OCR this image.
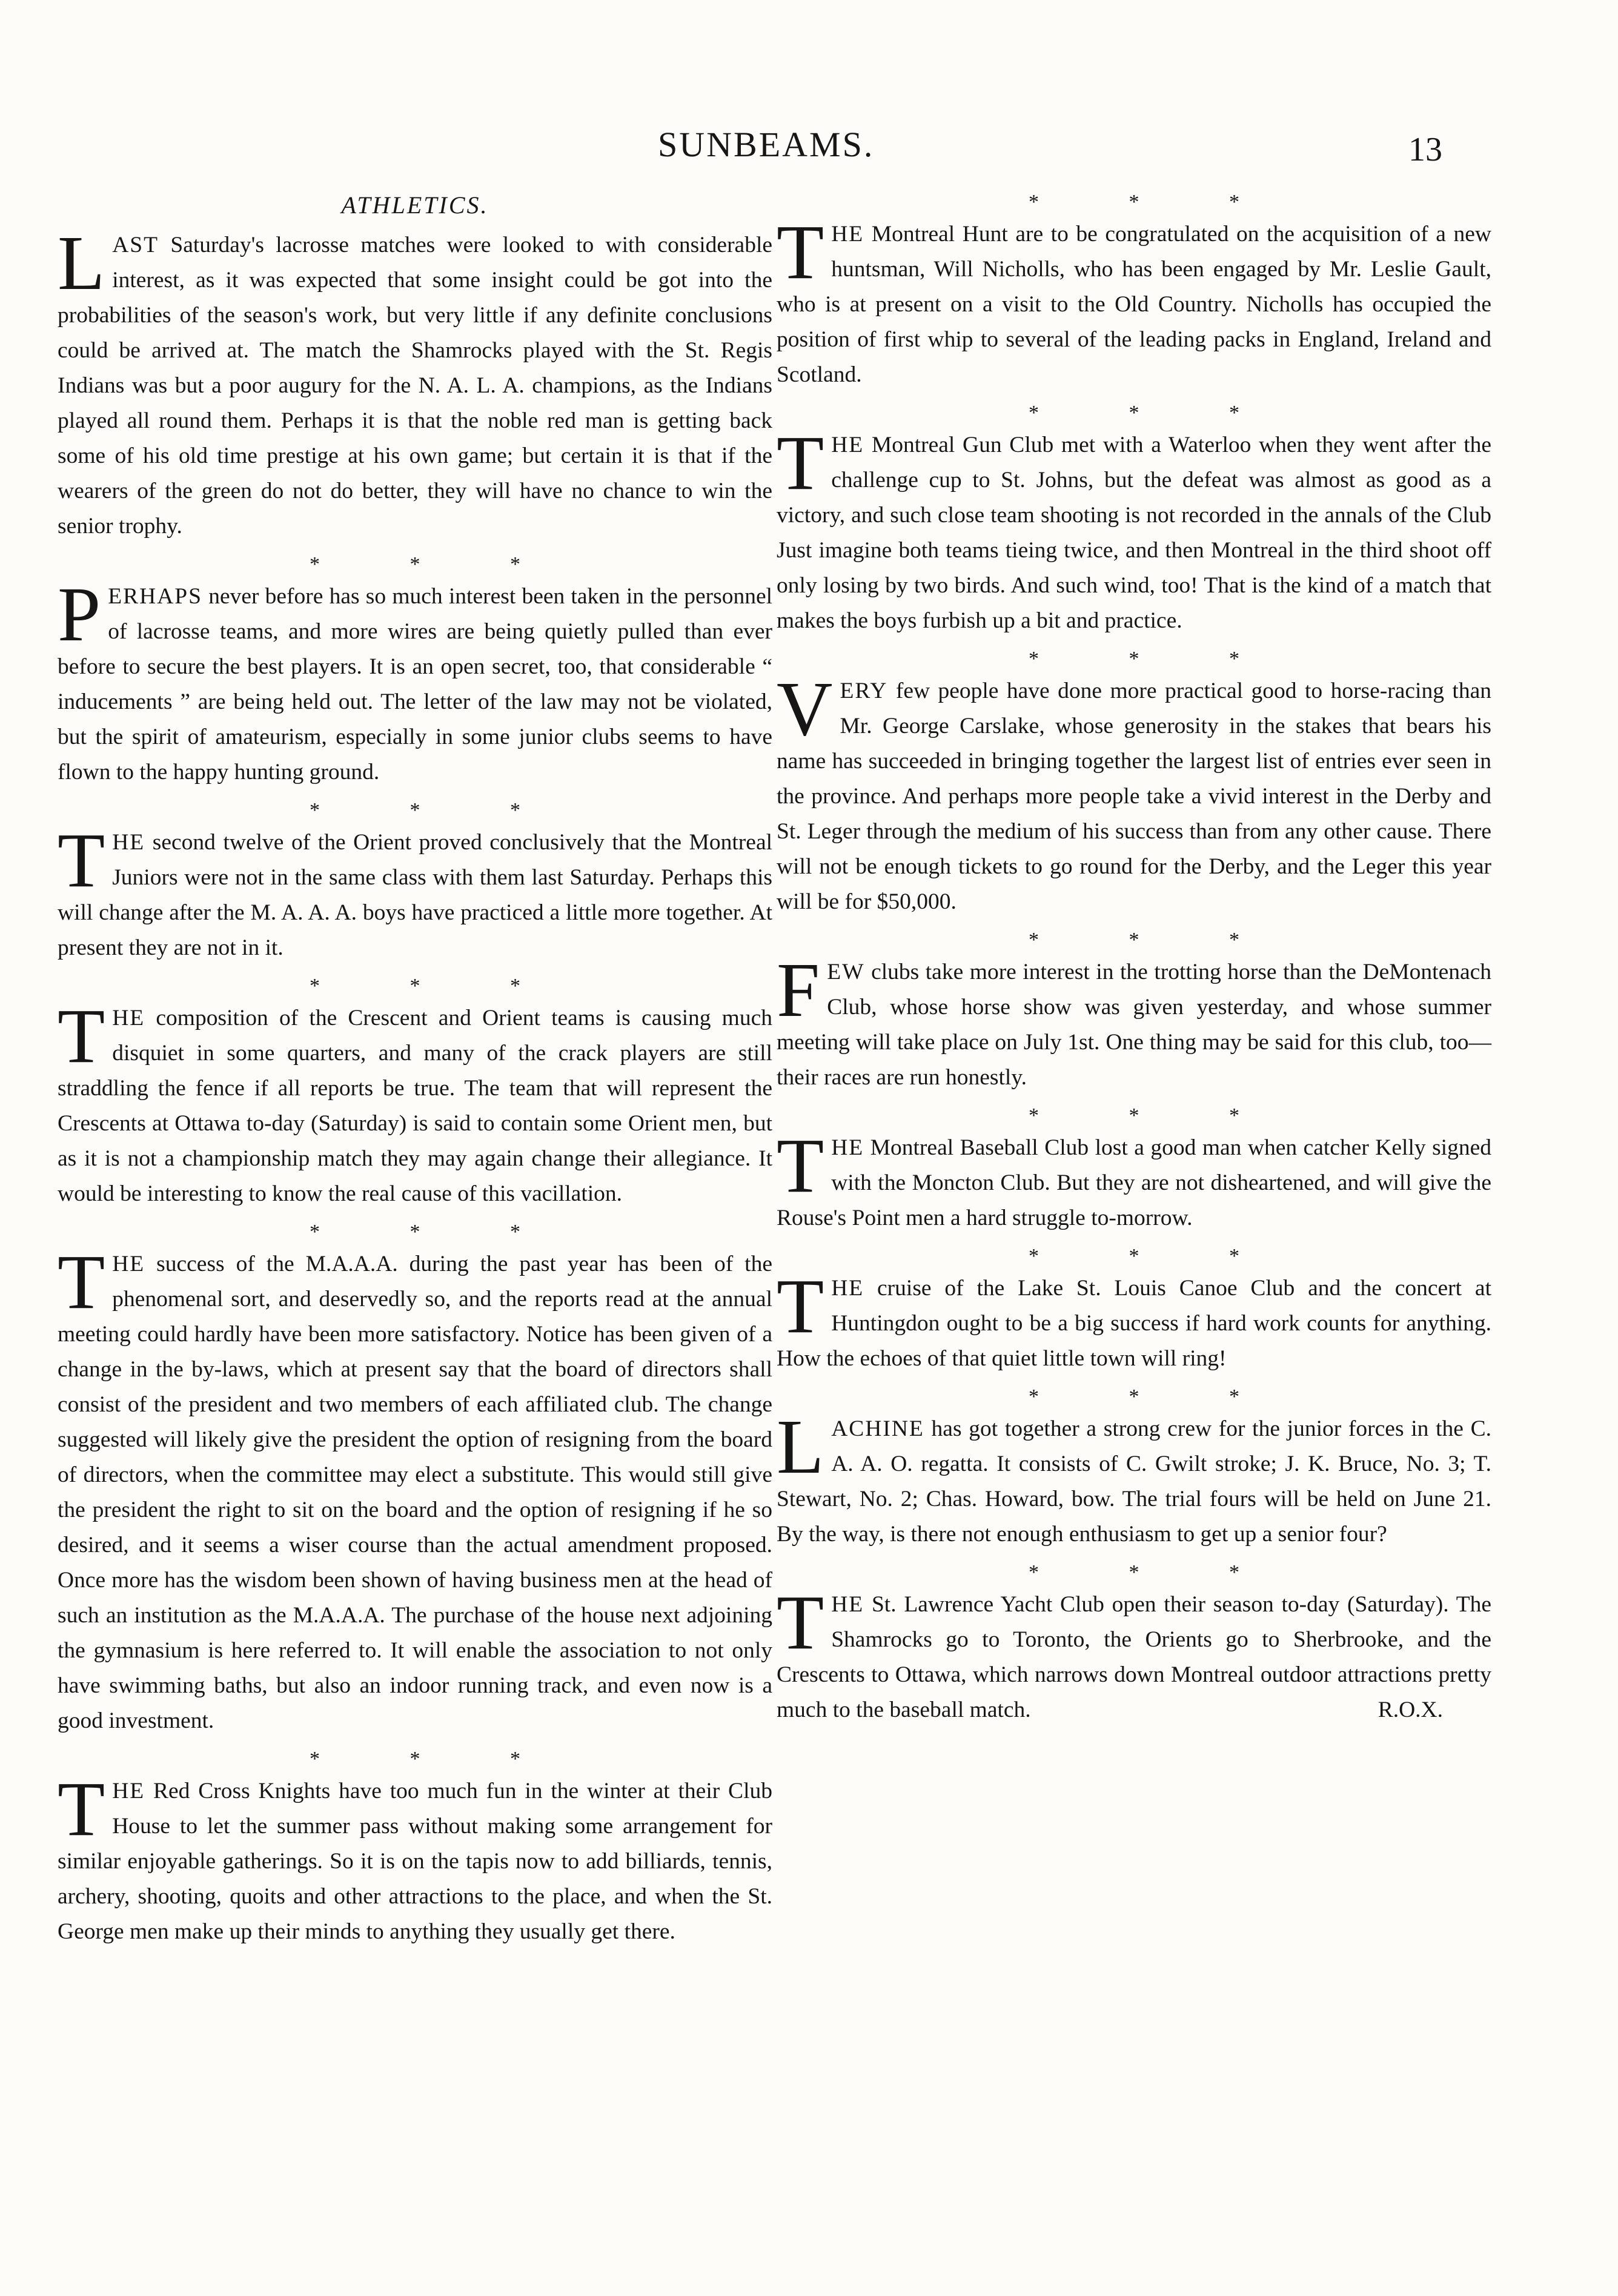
SUNBEAMS.	13
ATHLETICS.

LAST Saturday's lacrosse matches were looked to with considerable interest, as it was expected that some insight could be got into the probabilities of the season's work, but very little if any definite conclusions could be arrived at. The match the Shamrocks played with the St. Regis Indians was but a poor augury for the N. A. L. A. champions, as the Indians played all round them. Perhaps it is that the noble red man is getting back some of his old time prestige at his own game; but certain it is that if the wearers of the green do not do better, they will have no chance to win the senior trophy.

* * *

PERHAPS never before has so much interest been taken in the personnel of lacrosse teams, and more wires are being quietly pulled than ever before to secure the best players. It is an open secret, too, that considerable “ inducements ” are being held out. The letter of the law may not be violated, but the spirit of amateurism, especially in some junior clubs seems to have flown to the happy hunting ground.

* * *

THE second twelve of the Orient proved conclusively that the Montreal Juniors were not in the same class with them last Saturday. Perhaps this will change after the M. A. A. A. boys have practiced a little more together. At present they are not in it.

* * *

THE composition of the Crescent and Orient teams is causing much disquiet in some quarters, and many of the crack players are still straddling the fence if all reports be true. The team that will represent the Crescents at Ottawa to-day (Saturday) is said to contain some Orient men, but as it is not a championship match they may again change their allegiance. It would be interesting to know the real cause of this vacillation.

* * *

THE success of the M.A.A.A. during the past year has been of the phenomenal sort, and deservedly so, and the reports read at the annual meeting could hardly have been more satisfactory. Notice has been given of a change in the by-laws, which at present say that the board of directors shall consist of the president and two members of each affiliated club. The change suggested will likely give the president the option of resigning from the board of directors, when the committee may elect a substitute. This would still give the president the right to sit on the board and the option of resigning if he so desired, and it seems a wiser course than the actual amendment proposed. Once more has the wisdom been shown of having business men at the head of such an institution as the M.A.A.A. The purchase of the house next adjoining the gymnasium is here referred to. It will enable the association to not only have swimming baths, but also an indoor running track, and even now is a good investment.

* * *

THE Red Cross Knights have too much fun in the winter at their Club House to let the summer pass without making some arrangement for similar enjoyable gatherings. So it is on the tapis now to add billiards, tennis, archery, shooting, quoits and other attractions to the place, and when the St. George men make up their minds to anything they usually get there.

* * *

THE Montreal Hunt are to be congratulated on the acquisition of a new huntsman, Will Nicholls, who has been engaged by Mr. Leslie Gault, who is at present on a visit to the Old Country. Nicholls has occupied the position of first whip to several of the leading packs in England, Ireland and Scotland.

* * *

THE Montreal Gun Club met with a Waterloo when they went after the challenge cup to St. Johns, but the defeat was almost as good as a victory, and such close team shooting is not recorded in the annals of the Club Just imagine both teams tieing twice, and then Montreal in the third shoot off only losing by two birds. And such wind, too! That is the kind of a match that makes the boys furbish up a bit and practice.

* * *

VERY few people have done more practical good to horse-racing than Mr. George Carslake, whose generosity in the stakes that bears his name has succeeded in bringing together the largest list of entries ever seen in the province. And perhaps more people take a vivid interest in the Derby and St. Leger through the medium of his success than from any other cause. There will not be enough tickets to go round for the Derby, and the Leger this year will be for $50,000.

* * *

FEW clubs take more interest in the trotting horse than the DeMontenach Club, whose horse show was given yesterday, and whose summer meeting will take place on July 1st. One thing may be said for this club, too—their races are run honestly.

* * *

THE Montreal Baseball Club lost a good man when catcher Kelly signed with the Moncton Club. But they are not disheartened, and will give the Rouse's Point men a hard struggle to-morrow.

* * *

THE cruise of the Lake St. Louis Canoe Club and the concert at Huntingdon ought to be a big success if hard work counts for anything. How the echoes of that quiet little town will ring!

* * *

LACHINE has got together a strong crew for the junior forces in the C. A. A. O. regatta. It consists of C. Gwilt stroke; J. K. Bruce, No. 3; T. Stewart, No. 2; Chas. Howard, bow. The trial fours will be held on June 21. By the way, is there not enough enthusiasm to get up a senior four?

* * *

THE St. Lawrence Yacht Club open their season to-day (Saturday). The Shamrocks go to Toronto, the Orients go to Sherbrooke, and the Crescents to Ottawa, which narrows down Montreal outdoor attractions pretty much to the baseball match.	R.O.X.
